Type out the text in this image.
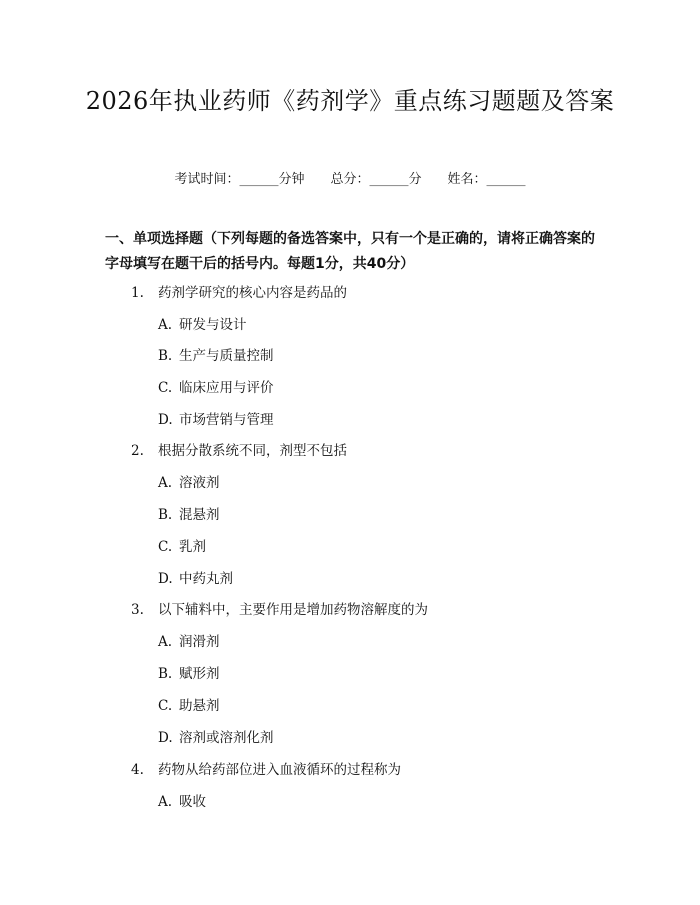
2026年执业药师《药剂学》重点练习题题及答案
考试时间：______分钟 总分：______分 姓名：______
一、单项选择题（下列每题的备选答案中，只有一个是正确的，请将正确答案的字母填写在题干后的括号内。每题1分，共40分）
1. 药剂学研究的核心内容是药品的
A. 研发与设计
B. 生产与质量控制
C. 临床应用与评价
D. 市场营销与管理
2. 根据分散系统不同，剂型不包括
A. 溶液剂
B. 混悬剂
C. 乳剂
D. 中药丸剂
3. 以下辅料中，主要作用是增加药物溶解度的为
A. 润滑剂
B. 赋形剂
C. 助悬剂
D. 溶剂或溶剂化剂
4. 药物从给药部位进入血液循环的过程称为
A. 吸收
